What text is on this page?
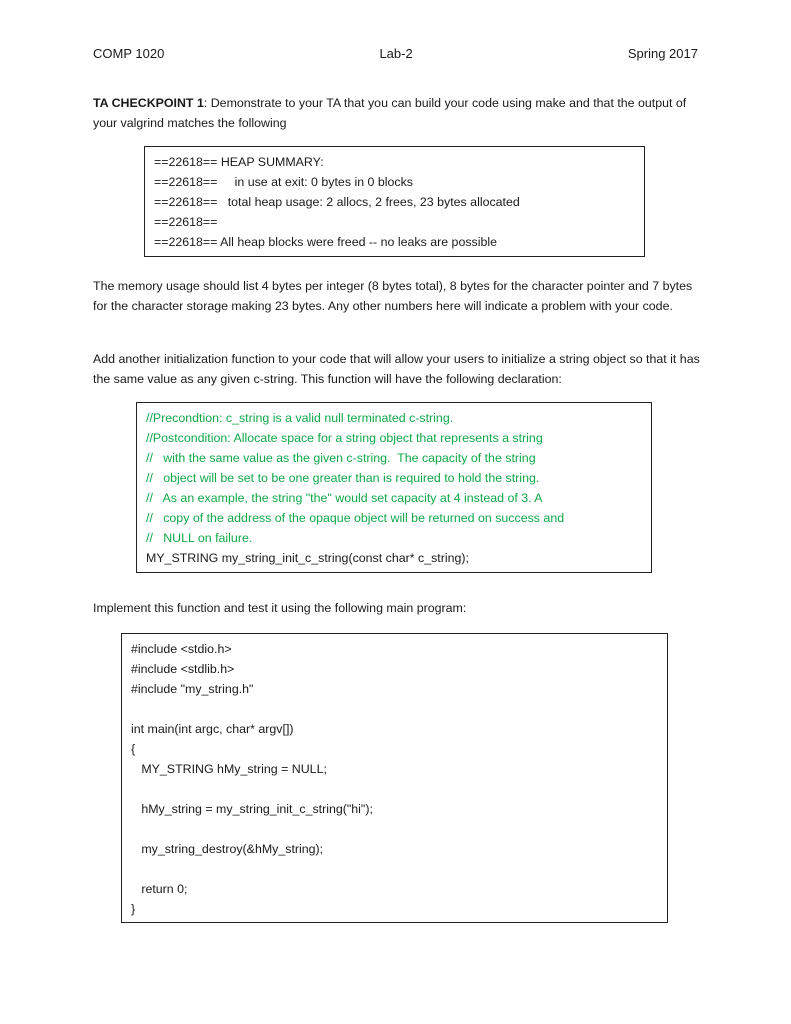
COMP 1020	Lab-2	Spring 2017

TA CHECKPOINT 1: Demonstrate to your TA that you can build your code using make and that the output of your valgrind matches the following

==22618== HEAP SUMMARY:
==22618==     in use at exit: 0 bytes in 0 blocks
==22618==   total heap usage: 2 allocs, 2 frees, 23 bytes allocated
==22618==
==22618== All heap blocks were freed -- no leaks are possible

The memory usage should list 4 bytes per integer (8 bytes total), 8 bytes for the character pointer and 7 bytes for the character storage making 23 bytes. Any other numbers here will indicate a problem with your code.

Add another initialization function to your code that will allow your users to initialize a string object so that it has the same value as any given c-string. This function will have the following declaration:

//Precondtion: c_string is a valid null terminated c-string.
//Postcondition: Allocate space for a string object that represents a string
//   with the same value as the given c-string.  The capacity of the string
//   object will be set to be one greater than is required to hold the string.
//   As an example, the string "the" would set capacity at 4 instead of 3. A
//   copy of the address of the opaque object will be returned on success and
//   NULL on failure.
MY_STRING my_string_init_c_string(const char* c_string);

Implement this function and test it using the following main program:

#include <stdio.h>
#include <stdlib.h>
#include "my_string.h"
int main(int argc, char* argv[])
{
MY_STRING hMy_string = NULL;
hMy_string = my_string_init_c_string("hi");
my_string_destroy(&hMy_string);
return 0;
}
